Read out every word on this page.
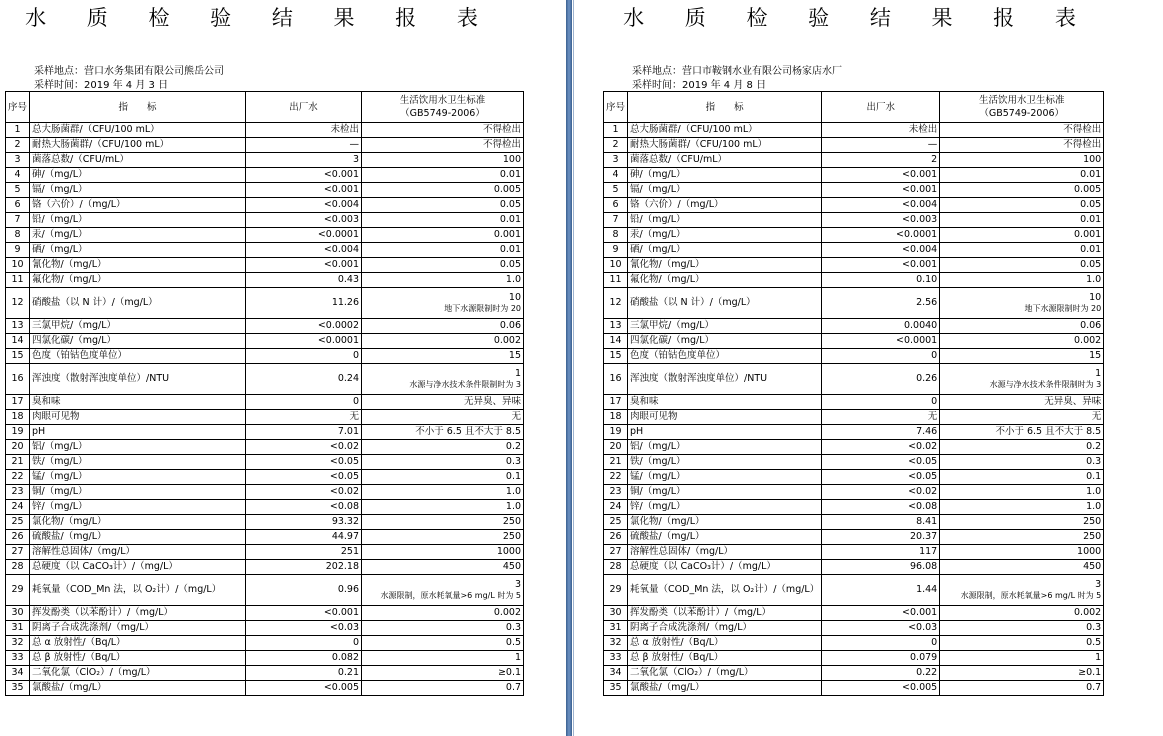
水 质 检 验 结 果 报 表
采样地点：营口水务集团有限公司熊岳公司
采样时间：2019 年 4 月 3 日
序号	指　　标	出厂水	生活饮用水卫生标准
（GB5749-2006）

1	总大肠菌群/（CFU/100 mL）	未检出	不得检出
2	耐热大肠菌群/（CFU/100 mL）	—	不得检出
3	菌落总数/（CFU/mL）	3	100
4	砷/（mg/L）	<0.001	0.01
5	镉/（mg/L）	<0.001	0.005
6	铬（六价）/（mg/L）	<0.004	0.05
7	铅/（mg/L）	<0.003	0.01
8	汞/（mg/L）	<0.0001	0.001
9	硒/（mg/L）	<0.004	0.01
10	氰化物/（mg/L）	<0.001	0.05
11	氟化物/（mg/L）	0.43	1.0
12	硝酸盐（以 N 计）/（mg/L）	11.26	10

地下水源限制时为 20

13	三氯甲烷/（mg/L）	<0.0002	0.06
14	四氯化碳/（mg/L）	<0.0001	0.002
15	色度（铂钴色度单位）	0	15
16	浑浊度（散射浑浊度单位）/NTU	0.24	1

水源与净水技术条件限制时为 3

17	臭和味	0	无异臭、异味
18	肉眼可见物	无	无
19	pH	7.01	不小于 6.5 且不大于 8.5
20	铝/（mg/L）	<0.02	0.2
21	铁/（mg/L）	<0.05	0.3
22	锰/（mg/L）	<0.05	0.1
23	铜/（mg/L）	<0.02	1.0
24	锌/（mg/L）	<0.08	1.0
25	氯化物/（mg/L）	93.32	250
26	硫酸盐/（mg/L）	44.97	250
27	溶解性总固体/（mg/L）	251	1000
28	总硬度（以 CaCO₃计）/（mg/L）	202.18	450
29	耗氧量（COD_Mn 法，以 O₂计）/（mg/L）	0.96	3

水源限制，原水耗氧量>6 mg/L 时为 5

30	挥发酚类（以苯酚计）/（mg/L）	<0.001	0.002
31	阴离子合成洗涤剂/（mg/L）	<0.03	0.3
32	总 α 放射性/（Bq/L）	0	0.5
33	总 β 放射性/（Bq/L）	0.082	1
34	二氧化氯（ClO₂）/（mg/L）	0.21	≥0.1
35	氯酸盐/（mg/L）	<0.005	0.7
水 质 检 验 结 果 报 表
采样地点：营口市鞍钢水业有限公司杨家店水厂
采样时间：2019 年 4 月 8 日
序号	指　　标	出厂水	生活饮用水卫生标准
（GB5749-2006）

1	总大肠菌群/（CFU/100 mL）	未检出	不得检出
2	耐热大肠菌群/（CFU/100 mL）	—	不得检出
3	菌落总数/（CFU/mL）	2	100
4	砷/（mg/L）	<0.001	0.01
5	镉/（mg/L）	<0.001	0.005
6	铬（六价）/（mg/L）	<0.004	0.05
7	铅/（mg/L）	<0.003	0.01
8	汞/（mg/L）	<0.0001	0.001
9	硒/（mg/L）	<0.004	0.01
10	氰化物/（mg/L）	<0.001	0.05
11	氟化物/（mg/L）	0.10	1.0
12	硝酸盐（以 N 计）/（mg/L）	2.56	10

地下水源限制时为 20

13	三氯甲烷/（mg/L）	0.0040	0.06
14	四氯化碳/（mg/L）	<0.0001	0.002
15	色度（铂钴色度单位）	0	15
16	浑浊度（散射浑浊度单位）/NTU	0.26	1

水源与净水技术条件限制时为 3

17	臭和味	0	无异臭、异味
18	肉眼可见物	无	无
19	pH	7.46	不小于 6.5 且不大于 8.5
20	铝/（mg/L）	<0.02	0.2
21	铁/（mg/L）	<0.05	0.3
22	锰/（mg/L）	<0.05	0.1
23	铜/（mg/L）	<0.02	1.0
24	锌/（mg/L）	<0.08	1.0
25	氯化物/（mg/L）	8.41	250
26	硫酸盐/（mg/L）	20.37	250
27	溶解性总固体/（mg/L）	117	1000
28	总硬度（以 CaCO₃计）/（mg/L）	96.08	450
29	耗氧量（COD_Mn 法，以 O₂计）/（mg/L）	1.44	3

水源限制，原水耗氧量>6 mg/L 时为 5

30	挥发酚类（以苯酚计）/（mg/L）	<0.001	0.002
31	阴离子合成洗涤剂/（mg/L）	<0.03	0.3
32	总 α 放射性/（Bq/L）	0	0.5
33	总 β 放射性/（Bq/L）	0.079	1
34	二氧化氯（ClO₂）/（mg/L）	0.22	≥0.1
35	氯酸盐/（mg/L）	<0.005	0.7
